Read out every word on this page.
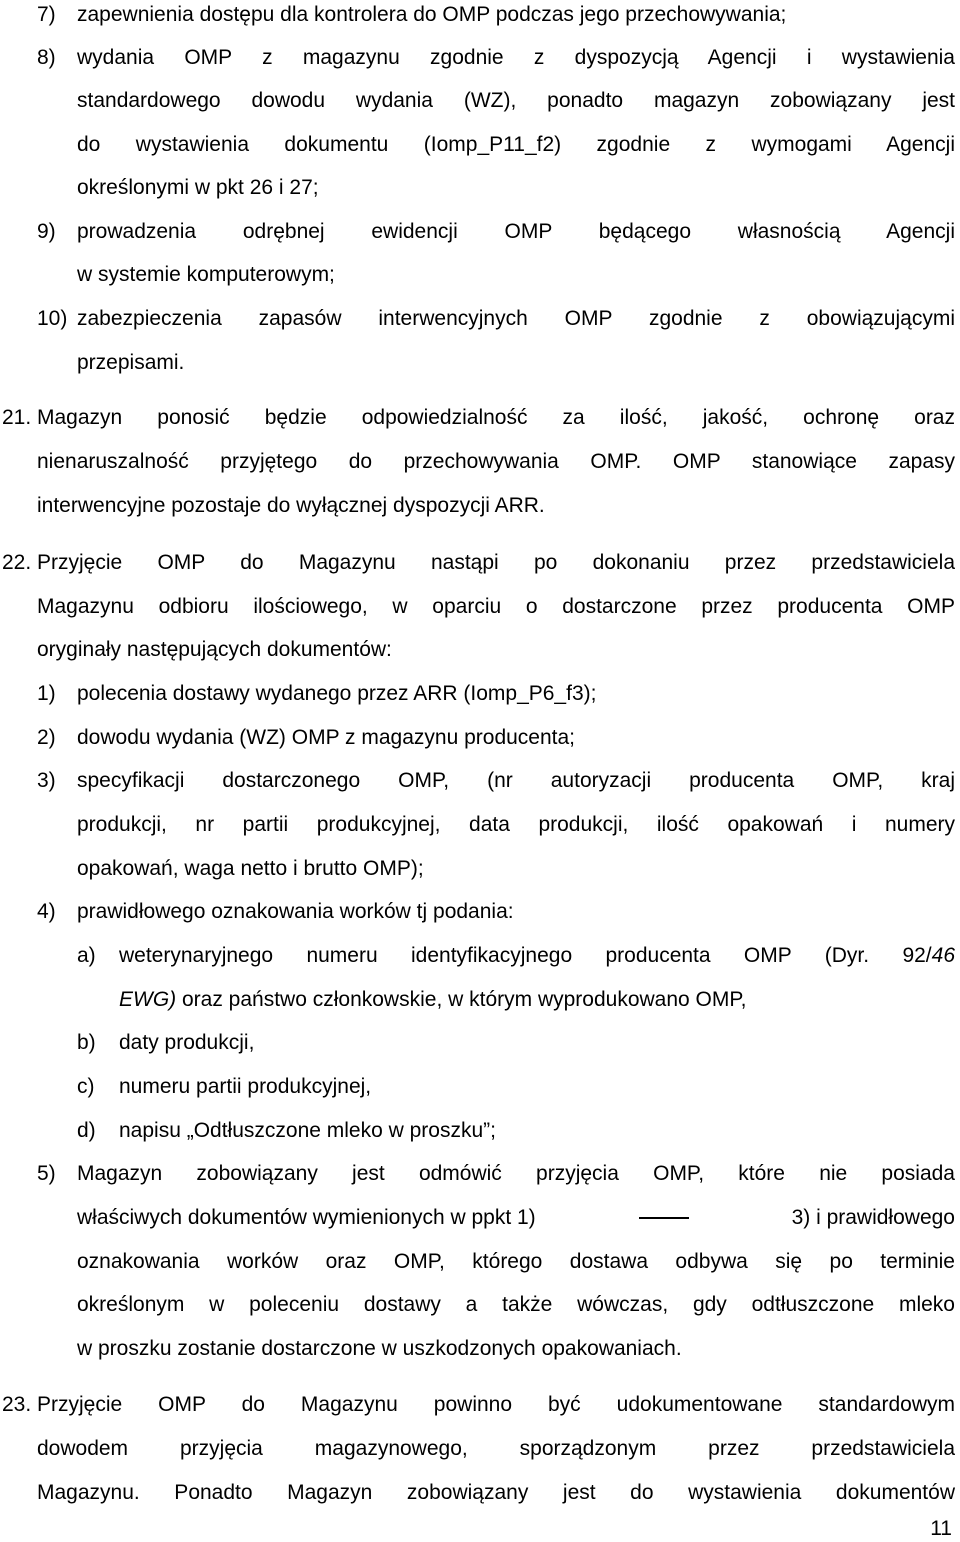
7) zapewnienia dostępu dla kontrolera do OMP podczas jego przechowywania;
8) wydania OMP z magazynu zgodnie z dyspozycją Agencji i wystawienia
standardowego dowodu wydania (WZ), ponadto magazyn zobowiązany jest
do wystawienia dokumentu (Iomp_P11_f2) zgodnie z wymogami Agencji
określonymi w pkt 26 i 27;
9) prowadzenia odrębnej ewidencji OMP będącego własnością Agencji
w systemie komputerowym;
10) zabezpieczenia zapasów interwencyjnych OMP zgodnie z obowiązującymi
przepisami.
21. Magazyn ponosić będzie odpowiedzialność za ilość, jakość, ochronę oraz
nienaruszalność przyjętego do przechowywania OMP. OMP stanowiące zapasy
interwencyjne pozostaje do wyłącznej dyspozycji ARR.
22. Przyjęcie OMP do Magazynu nastąpi po dokonaniu przez przedstawiciela
Magazynu odbioru ilościowego, w oparciu o dostarczone przez producenta OMP
oryginały następujących dokumentów:
1) polecenia dostawy wydanego przez ARR (Iomp_P6_f3);
2) dowodu wydania (WZ) OMP z magazynu producenta;
3) specyfikacji dostarczonego OMP, (nr autoryzacji producenta OMP, kraj
produkcji, nr partii produkcyjnej, data produkcji, ilość opakowań i numery
opakowań, waga netto i brutto OMP);
4) prawidłowego oznakowania worków tj podania:
a) weterynaryjnego numeru identyfikacyjnego producenta OMP (Dyr. 92/46
EWG) oraz państwo członkowskie, w którym wyprodukowano OMP,
b) daty produkcji,
c) numeru partii produkcyjnej,
d) napisu „Odtłuszczone mleko w proszku”;
5) Magazyn zobowiązany jest odmówić przyjęcia OMP, które nie posiada
właściwych dokumentów wymienionych w ppkt 1)	3) i prawidłowego
oznakowania worków oraz OMP, którego dostawa odbywa się po terminie
określonym w poleceniu dostawy a także wówczas, gdy odtłuszczone mleko
w proszku zostanie dostarczone w uszkodzonych opakowaniach.
23. Przyjęcie OMP do Magazynu powinno być udokumentowane standardowym
dowodem przyjęcia magazynowego, sporządzonym przez przedstawiciela
Magazynu. Ponadto Magazyn zobowiązany jest do wystawienia dokumentów
11
